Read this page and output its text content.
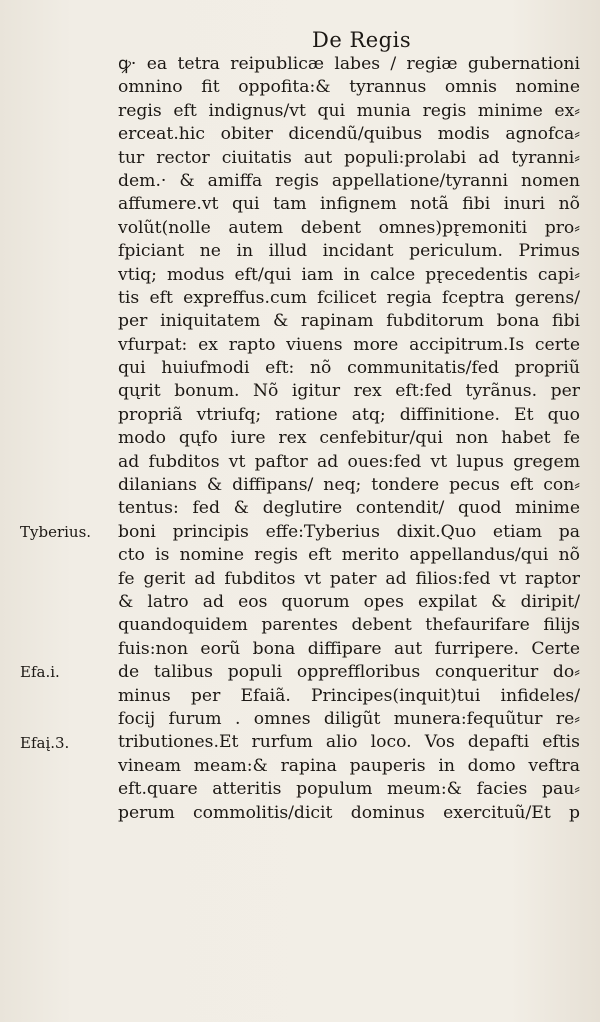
De Regis
ꝙ· ea tetra reipublicæ labes / regiæ gubernationi
omnino fit oppofita:& tyrannus omnis nomine
regis eft indignus/vt qui munia regis minime ex⸗
erceat.hic obiter dicendũ/quibus modis agnofca⸗
tur rector ciuitatis aut populi:prolabi ad tyranni⸗
dem.· & amiffa regis appellatione/tyranni nomen
affumere.vt qui tam infignem notã fibi inuri nõ
volũt(nolle autem debent omnes)pr̨emoniti pro⸗
fpiciant ne in illud incidant periculum. Primus
vtiq; modus eft/qui iam in calce pr̨ecedentis capi⸗
tis eft expreffus.cum fcilicet regia fceptra gerens/
per iniquitatem & rapinam fubditorum bona fibi
vfurpat: ex rapto viuens more accipitrum.Is certe
qui huiufmodi eft: nõ communitatis/fed propriũ
qųrit bonum. Nõ igitur rex eft:fed tyrãnus. per
propriã vtriufq; ratione atq; diffinitione. Et quo
modo qųfo iure rex cenfebitur/qui non habet fe
ad fubditos vt paftor ad oues:fed vt lupus gregem
dilanians & diffipans/ neq; tondere pecus eft con⸗
tentus: fed & deglutire contendit/ quod minime
boni principis effe:Tyberius dixit.Quo etiam pa
cto is nomine regis eft merito appellandus/qui nõ
fe gerit ad fubditos vt pater ad filios:fed vt raptor
& latro ad eos quorum opes expilat & diripit/
quandoquidem parentes debent thefaurifare filijs
fuis:non eorũ bona diffipare aut furripere. Certe
de talibus populi oppreffloribus conqueritur do⸗
minus per Efaiã. Principes(inquit)tui infideles/
focij furum . omnes diligũt munera:fequũtur re⸗
tributiones.Et rurfum alio loco. Vos depafti eftis
vineam meam:& rapina pauperis in domo veftra
eft.quare atteritis populum meum:& facies pau⸗
perum commolitis/dicit dominus exercituũ/Et p
Tyberius.
Efa.i.
Efaį.3.
